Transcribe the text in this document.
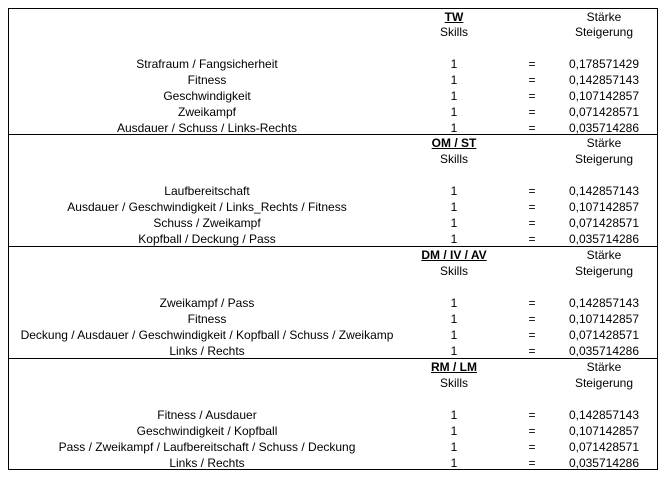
TW
Skills
Stärke
Steigerung
Strafraum / Fangsicherheit	1	=	0,178571429
Fitness	1	=	0,142857143
Geschwindigkeit	1	=	0,107142857
Zweikampf	1	=	0,071428571
Ausdauer / Schuss / Links-Rechts	1	=	0,035714286
OM / ST
Skills
Stärke
Steigerung
Laufbereitschaft	1	=	0,142857143
Ausdauer / Geschwindigkeit / Links_Rechts / Fitness	1	=	0,107142857
Schuss / Zweikampf	1	=	0,071428571
Kopfball / Deckung / Pass	1	=	0,035714286
DM / IV / AV
Skills
Stärke
Steigerung
Zweikampf / Pass	1	=	0,142857143
Fitness	1	=	0,107142857
Deckung / Ausdauer / Geschwindigkeit / Kopfball / Schuss / Zweikamp	1	=	0,071428571
Links / Rechts	1	=	0,035714286
RM / LM
Skills
Stärke
Steigerung
Fitness / Ausdauer	1	=	0,142857143
Geschwindigkeit / Kopfball	1	=	0,107142857
Pass / Zweikampf / Laufbereitschaft / Schuss / Deckung	1	=	0,071428571
Links / Rechts	1	=	0,035714286
